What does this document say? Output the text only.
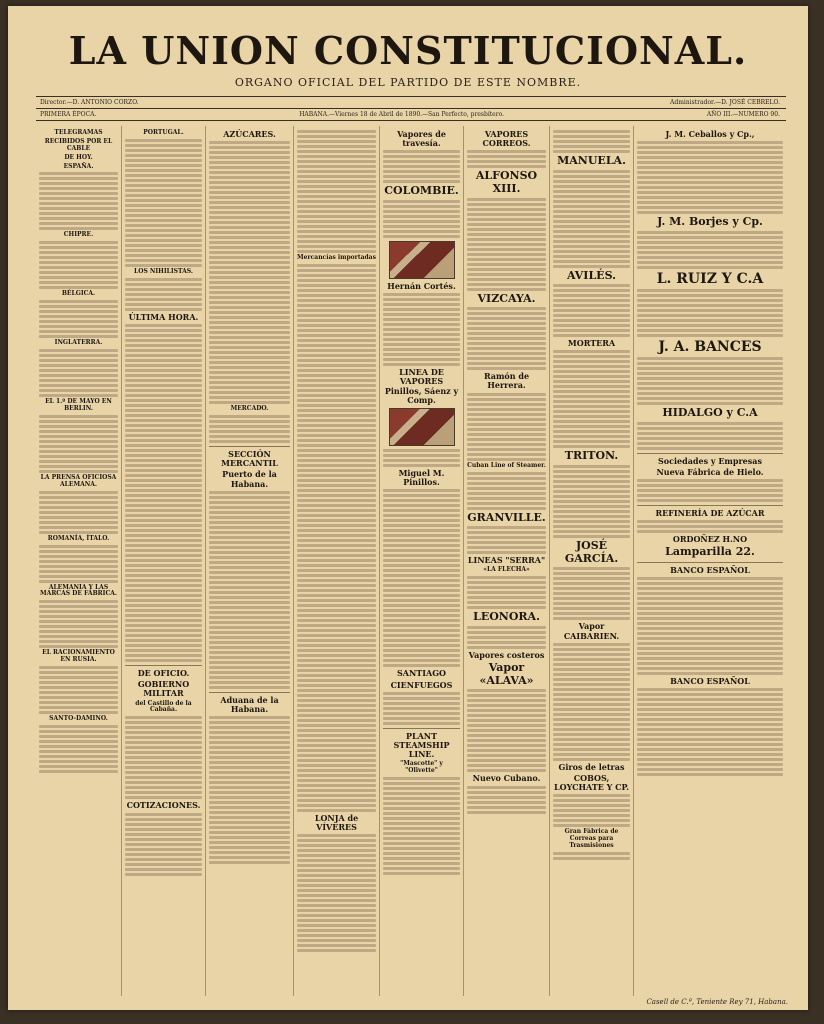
LA UNION CONSTITUCIONAL.
ORGANO OFICIAL DEL PARTIDO DE ESTE NOMBRE.
Director.—D. ANTONIO CORZO.	Administrador.—D. JOSÉ CEBRELO.
PRIMERA ÉPOCA.	HABANA.—Viernes 18 de Abril de 1890.—San Perfecto, presbítero.	AÑO III.—NUMERO 90.
TELEGRAMAS
RECIBIDOS POR EL CABLE
DE HOY.
ESPAÑA.
CHIPRE.
BÉLGICA.
INGLATERRA.
EL 1.º DE MAYO EN BERLIN.
LA PRENSA OFICIOSA ALEMANA.
ROMANÍA, ÍTALO.
ALEMANIA Y LAS MARCAS DE FÁBRICA.
EL RACIONAMIENTO EN RUSIA.
SANTO-DAMINO.
PORTUGAL.
LOS NIHILISTAS.
ÚLTIMA HORA.
DE OFICIO.
GOBIERNO MILITAR
del Castillo de la Cabaña.
COTIZACIONES.
AZÚCARES.
MERCADO.
SECCIÓN MERCANTIL
Puerto de la Habana.
Aduana de la Habana.
Mercancías importadas
LONJA de VÍVERES
Vapores de travesía.
COLOMBIE.
Hernán Cortés.
LINEA DE VAPORES Pinillos, Sáenz y Comp.
Miguel M. Pinillos.
SANTIAGO
CIENFUEGOS
PLANT STEAMSHIP LINE.
"Mascotte" y "Olivette"
VAPORES CORREOS.
ALFONSO XIII.
VIZCAYA.
Ramón de Herrera.
Cuban Line of Steamer.
GRANVILLE.
LINEAS "SERRA"
«LA FLECHA»
LEONORA.
Vapores costeros
Vapor «ALAVA»
Nuevo Cubano.
MANUELA.
AVILÉS.
MORTERA
TRITON.
JOSÉ GARCÍA.
Vapor CAIBARIEN.
Giros de letras
COBOS, LOYCHATE Y CP.
Gran Fábrica de Correas para Trasmisiones
J. M. Ceballos y Cp.,
J. M. Borjes y Cp.
L. RUIZ Y C.A
J. A. BANCES
HIDALGO y C.A
Sociedades y Empresas
Nueva Fábrica de Hielo.
REFINERÍA DE AZÚCAR
ORDOÑEZ H.NO
Lamparilla 22.
BANCO ESPAÑOL
BANCO ESPAÑOL
Casell de C.ª, Teniente Rey 71, Habana.
